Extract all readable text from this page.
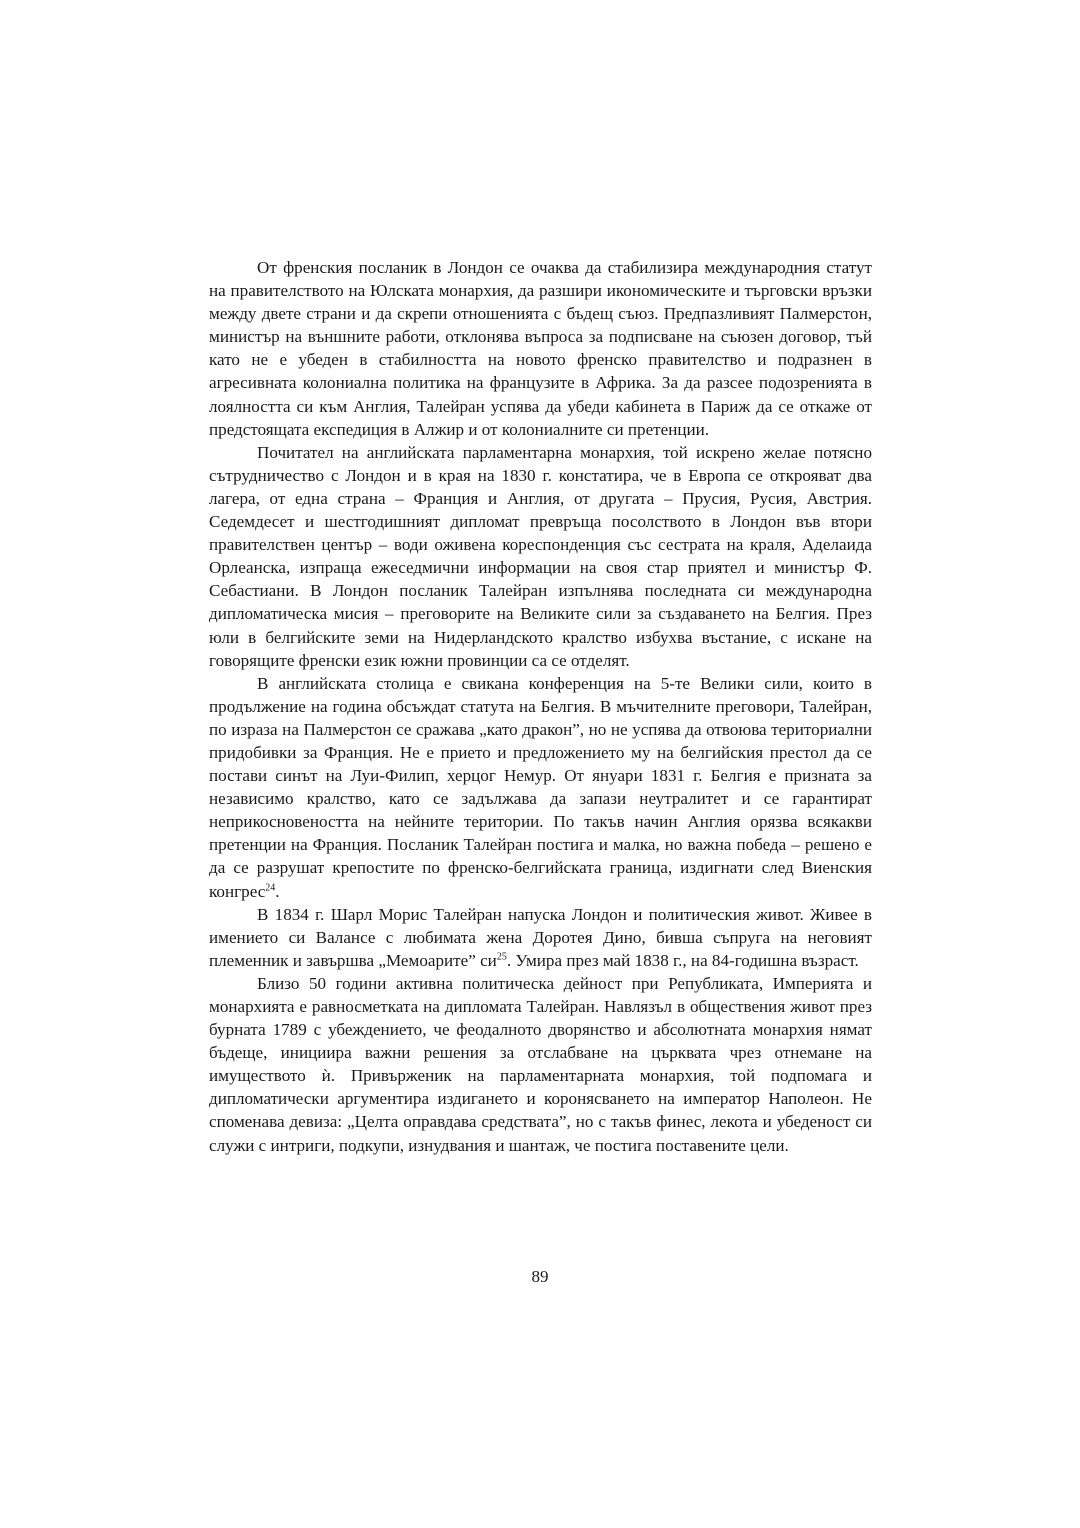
От френския посланик в Лондон се очаква да стабилизира международния статут на правителството на Юлската монархия, да разшири икономическите и търговски връзки между двете страни и да скрепи отношенията с бъдещ съюз. Предпазливият Палмерстон, министър на външните работи, отклонява въпроса за подписване на съюзен договор, тъй като не е убеден в стабилността на новото френско правителство и подразнен в агресивната колониална политика на французите в Африка. За да разсее подозренията в лоялността си към Англия, Талейран успява да убеди кабинета в Париж да се откаже от предстоящата експедиция в Алжир и от колониалните си претенции.

Почитател на английската парламентарна монархия, той искрено желае потясно сътрудничество с Лондон и в края на 1830 г. констатира, че в Европа се открояват два лагера, от една страна – Франция и Англия, от другата – Прусия, Русия, Австрия. Седемдесет и шестгодишният дипломат превръща посолството в Лондон във втори правителствен център – води оживена кореспонденция със сестрата на краля, Аделаида Орлеанска, изпраща ежеседмични информации на своя стар приятел и министър Ф. Себастиани. В Лондон посланик Талейран изпълнява последната си международна дипломатическа мисия – преговорите на Великите сили за създаването на Белгия. През юли в белгийските земи на Нидерландското кралство избухва въстание, с искане на говорящите френски език южни провинции са се отделят.

В английската столица е свикана конференция на 5-те Велики сили, които в продължение на година обсъждат статута на Белгия. В мъчителните преговори, Талейран, по израза на Палмерстон се сражава „като дракон”, но не успява да отвоюва териториални придобивки за Франция. Не е прието и предложението му на белгийския престол да се постави синът на Луи-Филип, херцог Немур. От януари 1831 г. Белгия е призната за независимо кралство, като се задължава да запази неутралитет и се гарантират неприкосновеността на нейните територии. По такъв начин Англия орязва всякакви претенции на Франция. Посланик Талейран постига и малка, но важна победа – решено е да се разрушат крепостите по френско-белгийската граница, издигнати след Виенския конгрес$^{24}$.

В 1834 г. Шарл Морис Талейран напуска Лондон и политическия живот. Живее в имението си Валансе с любимата жена Доротея Дино, бивша съпруга на неговият племенник и завършва „Мемоарите” $си^{25}$. Умира през май 1838 г., на 84-годишна възраст.

Близо 50 години активна политическа дейност при Републиката, Империята и монархията е равносметката на дипломата Талейран. Навлязъл в обществения живот през бурната 1789 с убеждението, че феодалното дворянство и абсолютната монархия нямат бъдеще, инициира важни решения за отслабване на църквата чрез отнемане на имуществото ѝ. Привърженик на парламентарната монархия, той подпомага и дипломатически аргументира издигането и коронясването на император Наполеон. Не споменава девиза: „Целта оправдава средствата”, но с такъв финес, лекота и убеденост си служи с интриги, подкупи, изнудвания и шантаж, че постига поставените цели.

89
